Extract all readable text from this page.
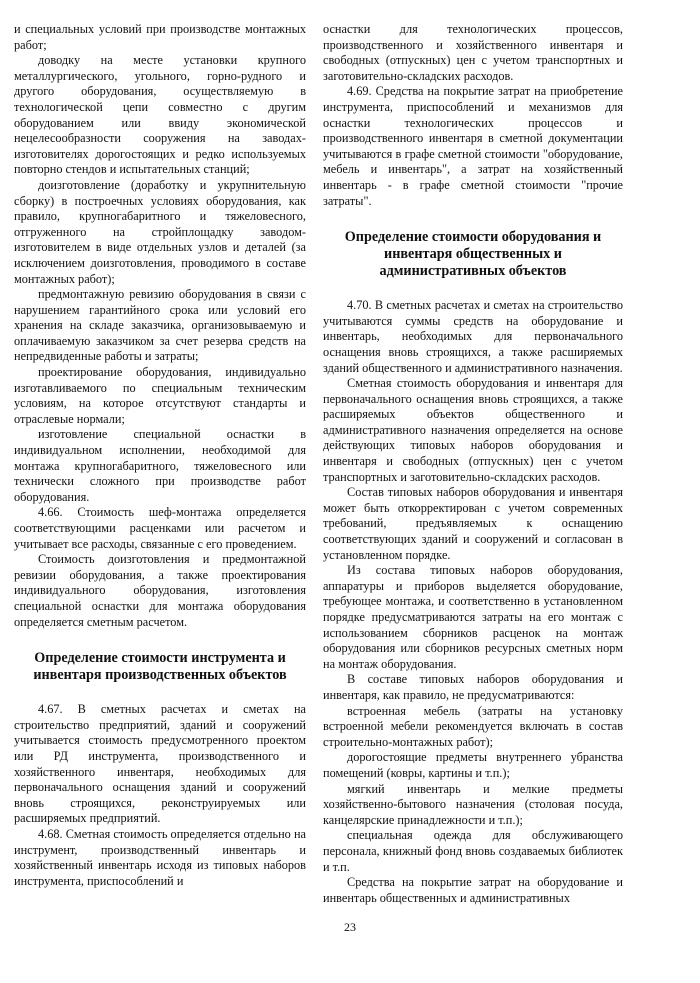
и специальных условий при производстве монтажных работ;

доводку на месте установки крупного металлургического, угольного, горно-рудного и другого оборудования, осуществляемую в технологической цепи совместно с другим оборудованием или ввиду экономической нецелесообразности сооружения на заводах-изготовителях дорогостоящих и редко используемых повторно стендов и испытательных станций;

доизготовление (доработку и укрупнительную сборку) в построечных условиях оборудования, как правило, крупногабаритного и тяжеловесного, отгруженного на стройплощадку заводом-изготовителем в виде отдельных узлов и деталей (за исключением доизготовления, проводимого в составе монтажных работ);

предмонтажную ревизию оборудования в связи с нарушением гарантийного срока или условий его хранения на складе заказчика, организовываемую и оплачиваемую заказчиком за счет резерва средств на непредвиденные работы и затраты;

проектирование оборудования, индивидуально изготавливаемого по специальным техническим условиям, на которое отсутствуют стандарты и отраслевые нормали;

изготовление специальной оснастки в индивидуальном исполнении, необходимой для монтажа крупногабаритного, тяжеловесного или технически сложного при производстве работ оборудования.

4.66. Стоимость шеф-монтажа определяется соответствующими расценками или расчетом и учитывает все расходы, связанные с его проведением.

Стоимость доизготовления и предмонтажной ревизии оборудования, а также проектирования индивидуального оборудования, изготовления специальной оснастки для монтажа оборудования определяется сметным расчетом.

Определение стоимости инструмента и инвентаря производственных объектов

4.67. В сметных расчетах и сметах на строительство предприятий, зданий и сооружений учитывается стоимость предусмотренного проектом или РД инструмента, производственного и хозяйственного инвентаря, необходимых для первоначального оснащения зданий и сооружений вновь строящихся, реконструируемых или расширяемых предприятий.

4.68. Сметная стоимость определяется отдельно на инструмент, производственный инвентарь и хозяйственный инвентарь исходя из типовых наборов инструмента, приспособлений и

оснастки для технологических процессов, производственного и хозяйственного инвентаря и свободных (отпускных) цен с учетом транспортных и заготовительно-складских расходов.

4.69. Средства на покрытие затрат на приобретение инструмента, приспособлений и механизмов для оснастки технологических процессов и производственного инвентаря в сметной документации учитываются в графе сметной стоимости "оборудование, мебель и инвентарь", а затрат на хозяйственный инвентарь - в графе сметной стоимости "прочие затраты".

Определение стоимости оборудования и инвентаря общественных и административных объектов

4.70. В сметных расчетах и сметах на строительство учитываются суммы средств на оборудование и инвентарь, необходимых для первоначального оснащения вновь строящихся, а также расширяемых зданий общественного и административного назначения.

Сметная стоимость оборудования и инвентаря для первоначального оснащения вновь строящихся, а также расширяемых объектов общественного и административного назначения определяется на основе действующих типовых наборов оборудования и инвентаря и свободных (отпускных) цен с учетом транспортных и заготовительно-складских расходов.

Состав типовых наборов оборудования и инвентаря может быть откорректирован с учетом современных требований, предъявляемых к оснащению соответствующих зданий и сооружений и согласован в установленном порядке.

Из состава типовых наборов оборудования, аппаратуры и приборов выделяется оборудование, требующее монтажа, и соответственно в установленном порядке предусматриваются затраты на его монтаж с использованием сборников расценок на монтаж оборудования или сборников ресурсных сметных норм на монтаж оборудования.

В составе типовых наборов оборудования и инвентаря, как правило, не предусматриваются:

встроенная мебель (затраты на установку встроенной мебели рекомендуется включать в состав строительно-монтажных работ);

дорогостоящие предметы внутреннего убранства помещений (ковры, картины и т.п.);

мягкий инвентарь и мелкие предметы хозяйственно-бытового назначения (столовая посуда, канцелярские принадлежности и т.п.);

специальная одежда для обслуживающего персонала, книжный фонд вновь создаваемых библиотек и т.п.

Средства на покрытие затрат на оборудование и инвентарь общественных и административных

23
